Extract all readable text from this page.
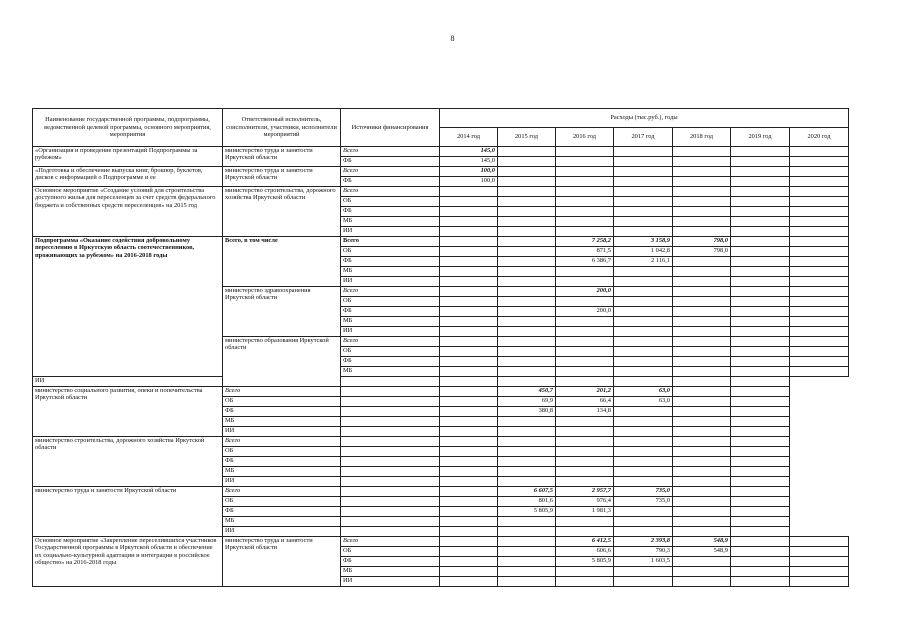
8
Наименование государственной программы, подпрограммы, ведомственной целевой программы, основного мероприятия, мероприятия	Ответственный исполнитель, соисполнители, участники, исполнители мероприятий	Источники финансирования	Расходы (тыс.руб.), годы						
			2014 год	2015 год	2016 год	2017 год	2018 год	2019 год	2020 год
«Организация и проведение презентаций Подпрограммы за рубежом»	министерство труда и занятости Иркутской области	Всего	145,0						
		ФБ	145,0						
«Подготовка и обеспечение выпуска книг, брошюр, буклетов, дисков с информацией о Подпрограмме и ее	министерство труда и занятости Иркутской области	Всего	100,0						
		ФБ	100,0						
Основное мероприятие «Создание условий для строительства доступного жилья для переселенцев за счет средств федерального бюджета и собственных средств переселенцев» на 2015 год	министерство строительства, дорожного хозяйства Иркутской области	Всего							
		ОБ							
		ФБ							
		МБ							
		ИИ							
Подпрограмма «Оказание содействия добровольному переселению в Иркутскую область соотечественников, проживающих за рубежом» на 2016-2018 годы	Всего, в том числе	Всего			7 258,2	3 158,9	798,0		
		ОБ			871,5	1 042,8	798,0		
		ФБ			6 386,7	2 116,1			
		МБ							
		ИИ							
	министерство здравоохранения Иркутской области	Всего			200,0				
		ОБ							
		ФБ			200,0				
		МБ							
		ИИ							
	министерство образования Иркутской области	Всего							
		ОБ							
		ФБ							
		МБ							
ИИ									
министерство социального развития, опеки и попечительства Иркутской области	Всего			450,7	201,2	63,0			
	ОБ			69,9	66,4	63,0			
	ФБ			380,8	134,8				
	МБ								
	ИИ								
министерство строительства, дорожного хозяйства Иркутской области	Всего								
	ОБ								
	ФБ								
	МБ								
	ИИ								
министерство труда и занятости Иркутской области	Всего			6 607,5	2 957,7	735,0			
	ОБ			801,6	976,4	735,0			
	ФБ			5 805,9	1 981,3				
	МБ								
	ИИ								
Основное мероприятие «Закрепление переселившихся участников Государственной программы в Иркутской области и обеспечение их социально-культурной адаптации и интеграции в российское общество» на 2016-2018 годы	министерство труда и занятости Иркутской области	Всего			6 412,5	2 393,8	548,9		
		ОБ			606,6	790,3	548,9		
		ФБ			5 805,9	1 603,5			
		МБ							
		ИИ							
